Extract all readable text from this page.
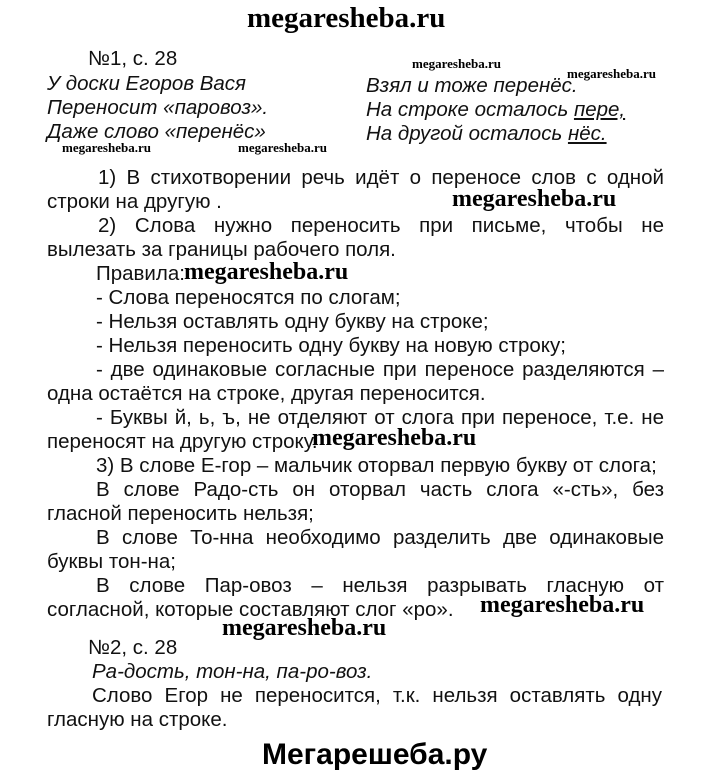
megaresheba.ru
№1, с. 28
У доски Егоров Вася
Переносит «паровоз».
Даже слово «перенёс»
megaresheba.ru
megaresheba.ru
Взял и тоже перенёс.
На строке осталось пере,
На другой осталось нёс.
megaresheba.ru	megaresheba.ru
1) В стихотворении речь идёт о переносе слов с одной
строки на другую .	megaresheba.ru
2) Слова нужно переносить при письме, чтобы не
вылезать за границы рабочего поля.
Правила: megaresheba.ru
- Слова переносятся по слогам;
- Нельзя оставлять одну букву на строке;
- Нельзя переносить одну букву на новую строку;
- две одинаковые согласные при переносе разделяются –
одна остаётся на строке, другая переносится.
- Буквы й, ь, ъ, не отделяют от слога при переносе, т.е. не
переносят на другую строку.
megaresheba.ru
3) В слове Е-гор – мальчик оторвал первую букву от слога;
В слове Радо-сть он оторвал часть слога «-сть», без
гласной переносить нельзя;
В слове То-нна необходимо разделить две одинаковые
буквы тон-на;
В слове Пар-овоз – нельзя разрывать гласную от
согласной, которые составляют слог «ро». megaresheba.ru
megaresheba.ru
№2, с. 28
Ра-дость, тон-на, па-ро-воз.
Слово Егор не переносится, т.к. нельзя оставлять одну
гласную на строке.
Мегарешеба.ру
